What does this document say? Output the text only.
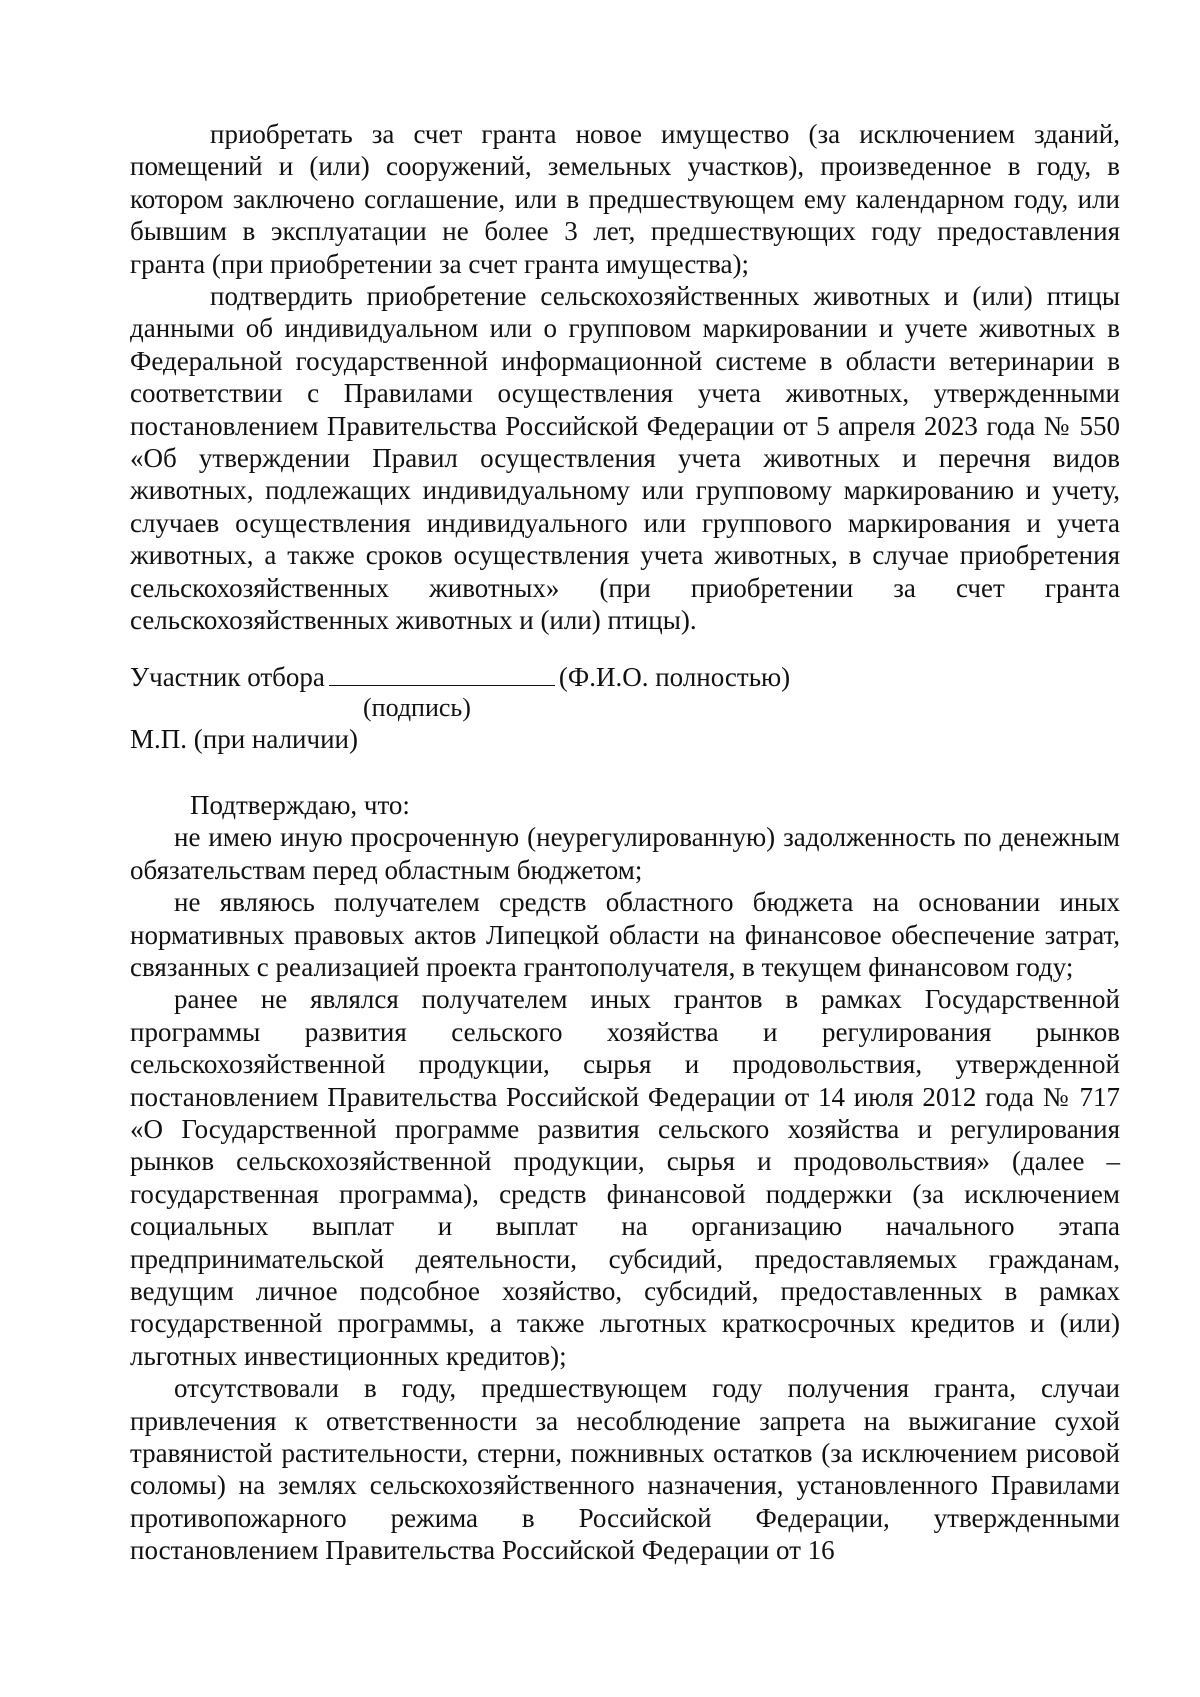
приобретать за счет гранта новое имущество (за исключением зданий, помещений и (или) сооружений, земельных участков), произведенное в году, в котором заключено соглашение, или в предшествующем ему календарном году, или бывшим в эксплуатации не более 3 лет, предшествующих году предоставления гранта (при приобретении за счет гранта имущества);

подтвердить приобретение сельскохозяйственных животных и (или) птицы данными об индивидуальном или о групповом маркировании и учете животных в Федеральной государственной информационной системе в области ветеринарии в соответствии с Правилами осуществления учета животных, утвержденными постановлением Правительства Российской Федерации от 5 апреля 2023 года № 550 «Об утверждении Правил осуществления учета животных и перечня видов животных, подлежащих индивидуальному или групповому маркированию и учету, случаев осуществления индивидуального или группового маркирования и учета животных, а также сроков осуществления учета животных, в случае приобретения сельскохозяйственных животных» (при приобретении за счет гранта сельскохозяйственных животных и (или) птицы).

Участник отбора	(Ф.И.О. полностью)
(подпись)
М.П. (при наличии)

Подтверждаю, что:

не имею иную просроченную (неурегулированную) задолженность по денежным обязательствам перед областным бюджетом;

не являюсь получателем средств областного бюджета на основании иных нормативных правовых актов Липецкой области на финансовое обеспечение затрат, связанных с реализацией проекта грантополучателя, в текущем финансовом году;

ранее не являлся получателем иных грантов в рамках Государственной программы развития сельского хозяйства и регулирования рынков сельскохозяйственной продукции, сырья и продовольствия, утвержденной постановлением Правительства Российской Федерации от 14 июля 2012 года № 717 «О Государственной программе развития сельского хозяйства и регулирования рынков сельскохозяйственной продукции, сырья и продовольствия» (далее – государственная программа), средств финансовой поддержки (за исключением социальных выплат и выплат на организацию начального этапа предпринимательской деятельности, субсидий, предоставляемых гражданам, ведущим личное подсобное хозяйство, субсидий, предоставленных в рамках государственной программы, а также льготных краткосрочных кредитов и (или) льготных инвестиционных кредитов);

отсутствовали в году, предшествующем году получения гранта, случаи привлечения к ответственности за несоблюдение запрета на выжигание сухой травянистой растительности, стерни, пожнивных остатков (за исключением рисовой соломы) на землях сельскохозяйственного назначения, установленного Правилами противопожарного режима в Российской Федерации, утвержденными постановлением Правительства Российской Федерации от 16
